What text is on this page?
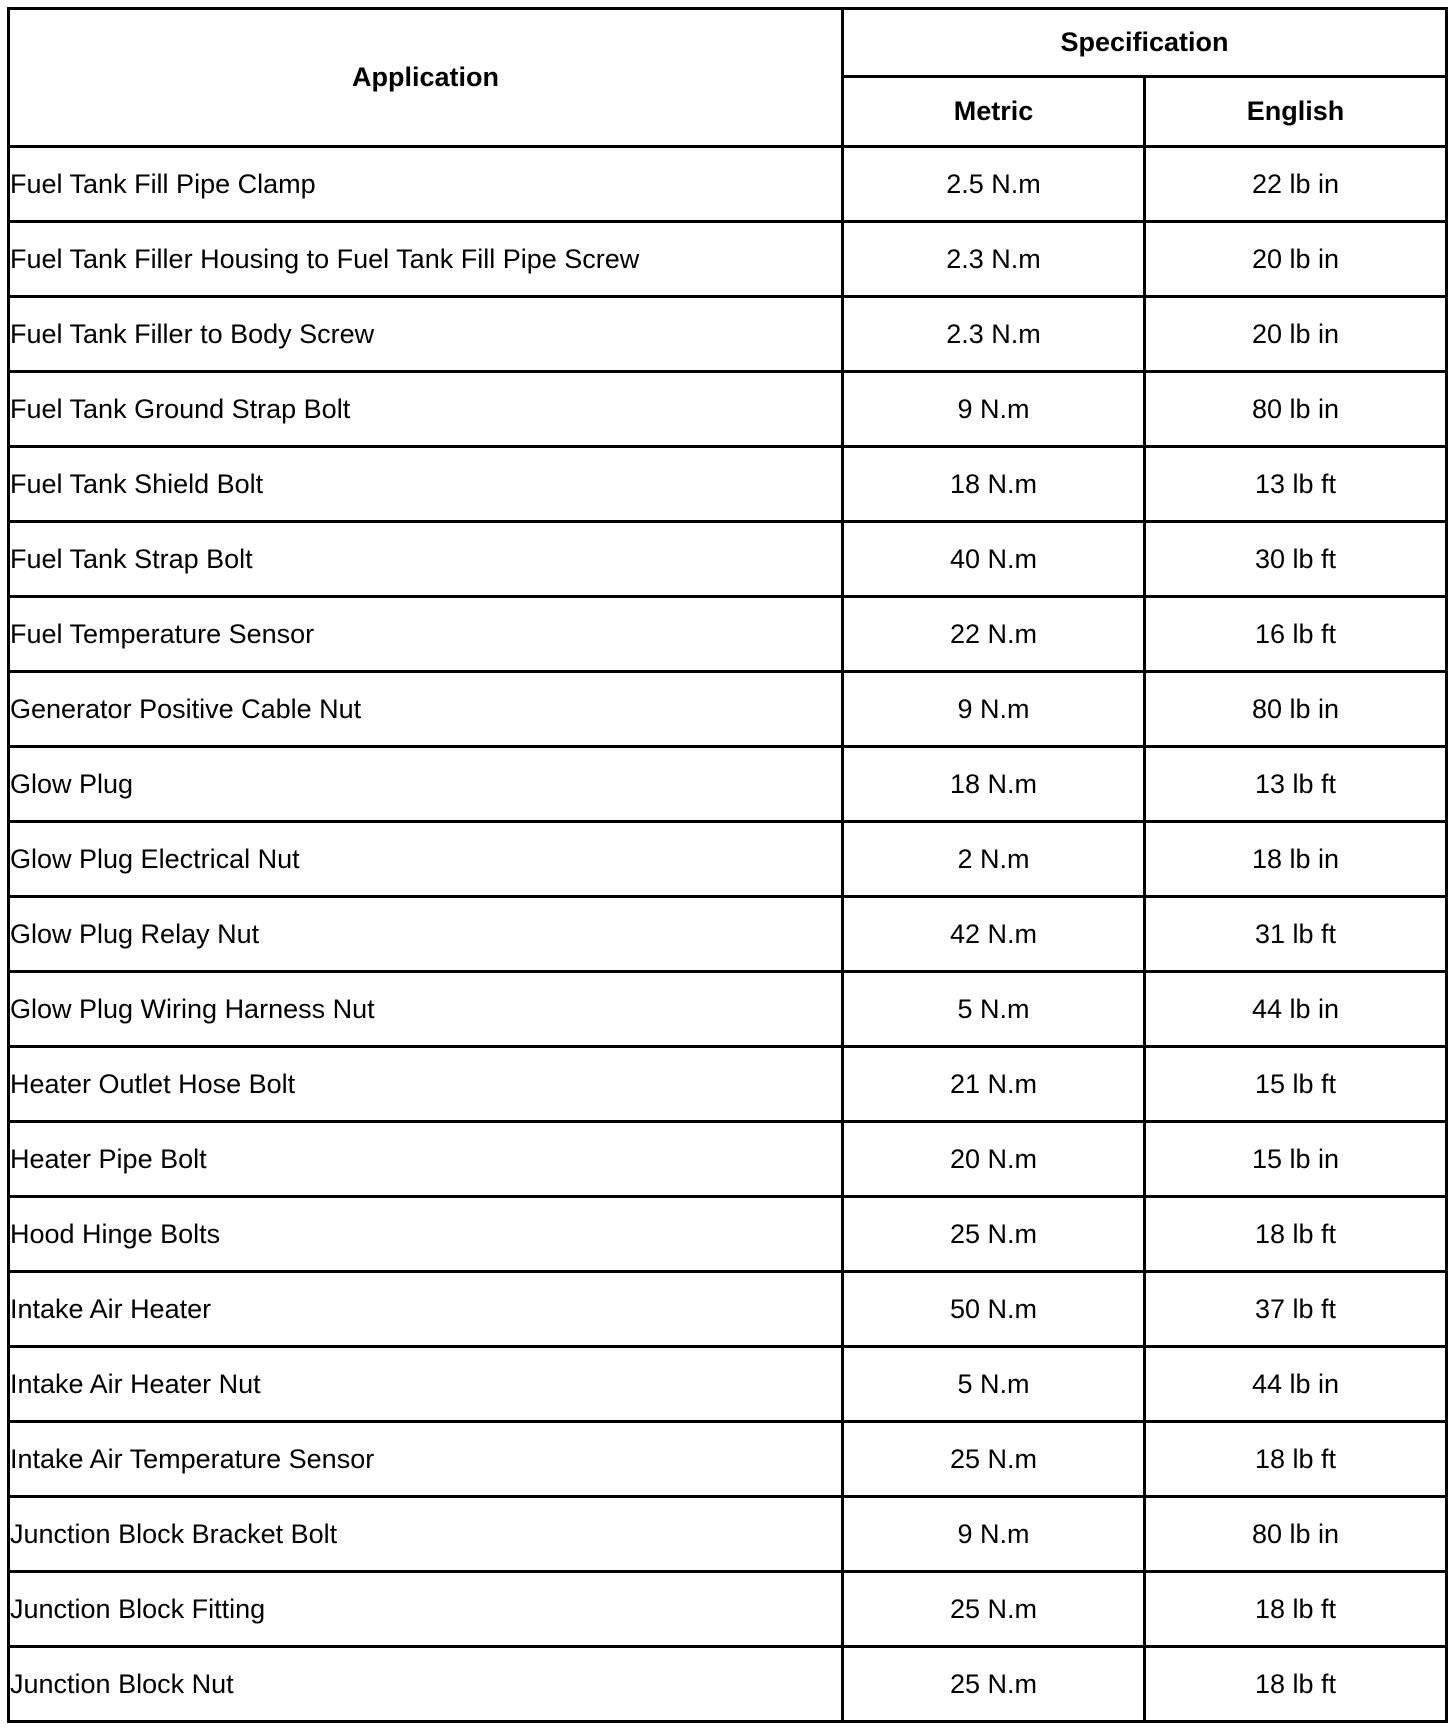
Application	Specification	
	Metric	English
Fuel Tank Fill Pipe Clamp	2.5 N.m	22 lb in
Fuel Tank Filler Housing to Fuel Tank Fill Pipe Screw	2.3 N.m	20 lb in
Fuel Tank Filler to Body Screw	2.3 N.m	20 lb in
Fuel Tank Ground Strap Bolt	9 N.m	80 lb in
Fuel Tank Shield Bolt	18 N.m	13 lb ft
Fuel Tank Strap Bolt	40 N.m	30 lb ft
Fuel Temperature Sensor	22 N.m	16 lb ft
Generator Positive Cable Nut	9 N.m	80 lb in
Glow Plug	18 N.m	13 lb ft
Glow Plug Electrical Nut	2 N.m	18 lb in
Glow Plug Relay Nut	42 N.m	31 lb ft
Glow Plug Wiring Harness Nut	5 N.m	44 lb in
Heater Outlet Hose Bolt	21 N.m	15 lb ft
Heater Pipe Bolt	20 N.m	15 lb in
Hood Hinge Bolts	25 N.m	18 lb ft
Intake Air Heater	50 N.m	37 lb ft
Intake Air Heater Nut	5 N.m	44 lb in
Intake Air Temperature Sensor	25 N.m	18 lb ft
Junction Block Bracket Bolt	9 N.m	80 lb in
Junction Block Fitting	25 N.m	18 lb ft
Junction Block Nut	25 N.m	18 lb ft
